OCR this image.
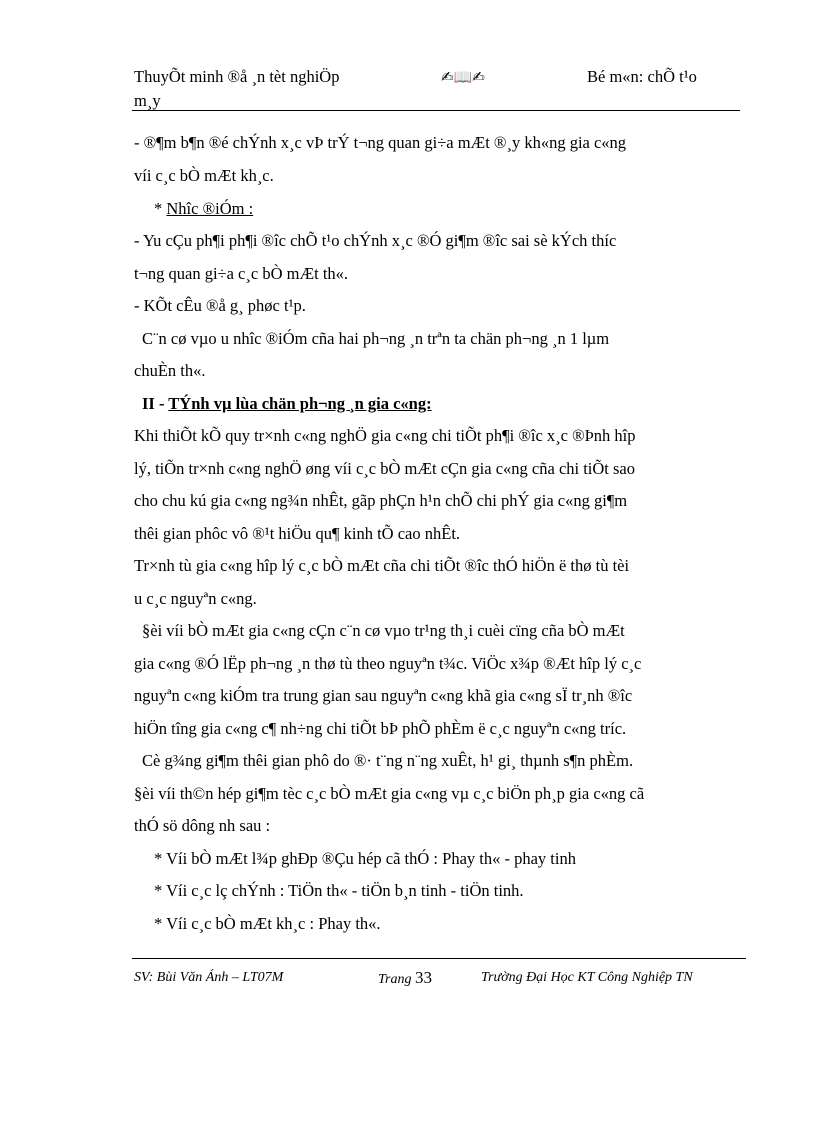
ThuyÕt minh ®å ¸n tèt nghiÖp
m¸y
✍📖✍	Bé m«n: chÕ t¹o
- ®¶m b¶n ®é chÝnh x¸c vÞ trÝ t¬ng quan gi÷a mÆt ®¸y kh«ng gia c«ng
víi c¸c bÒ mÆt kh¸c.
* Nhîc ®iÓm :
- Yu cÇu ph¶i ph¶i ®îc chÕ t¹o chÝnh x¸c ®Ó gi¶m ®îc sai sè kÝch thíc
t¬ng quan gi÷a c¸c bÒ mÆt th«.
- KÕt cÊu ®å g¸ phøc t¹p.
C¨n cø vµo u nhîc ®iÓm cña hai ph¬ng ¸n trªn ta chän ph¬ng ¸n 1 lµm
chuÈn th«.
II - TÝnh vµ lùa chän ph¬ng ¸n gia c«ng:
Khi thiÕt kÕ quy tr×nh c«ng nghÖ gia c«ng chi tiÕt ph¶i ®îc x¸c ®Þnh hîp
lý, tiÕn tr×nh c«ng nghÖ øng víi c¸c bÒ mÆt cÇn gia c«ng cña chi tiÕt sao
cho chu kú gia c«ng ng¾n nhÊt, gãp phÇn h¹n chÕ chi phÝ gia c«ng gi¶m
thêi gian phôc vô ®¹t hiÖu qu¶ kinh tÕ cao nhÊt.
Tr×nh tù gia c«ng hîp lý c¸c bÒ mÆt cña chi tiÕt ®îc thÓ hiÖn ë thø tù tèi
u c¸c nguyªn c«ng.
§èi víi bÒ mÆt gia c«ng cÇn c¨n cø vµo tr¹ng th¸i cuèi cïng cña bÒ mÆt
gia c«ng ®Ó lËp ph¬ng ¸n thø tù theo nguyªn t¾c. ViÖc x¾p ®Æt hîp lý c¸c
nguyªn c«ng kiÓm tra trung gian sau nguyªn c«ng khã gia c«ng sÏ tr¸nh ®îc
hiÖn tîng gia c«ng c¶ nh÷ng chi tiÕt bÞ phÕ phÈm ë c¸c nguyªn c«ng tríc.
Cè g¾ng gi¶m thêi gian phô do ®· t¨ng n¨ng xuÊt, h¹ gi¸ thµnh s¶n phÈm.
§èi víi th©n hép gi¶m tèc c¸c bÒ mÆt gia c«ng vµ c¸c biÖn ph¸p gia c«ng cã
thÓ sö dông nh sau :
* Víi bÒ mÆt l¾p ghÐp ®Çu hép cã thÓ : Phay th« - phay tinh
* Víi c¸c lç chÝnh : TiÖn th« - tiÖn b¸n tinh - tiÖn tinh.
* Víi c¸c bÒ mÆt kh¸c : Phay th«.
SV: Bùi Văn Ánh – LT07M	Trang 33	Trường Đại Học KT Công Nghiệp TN
